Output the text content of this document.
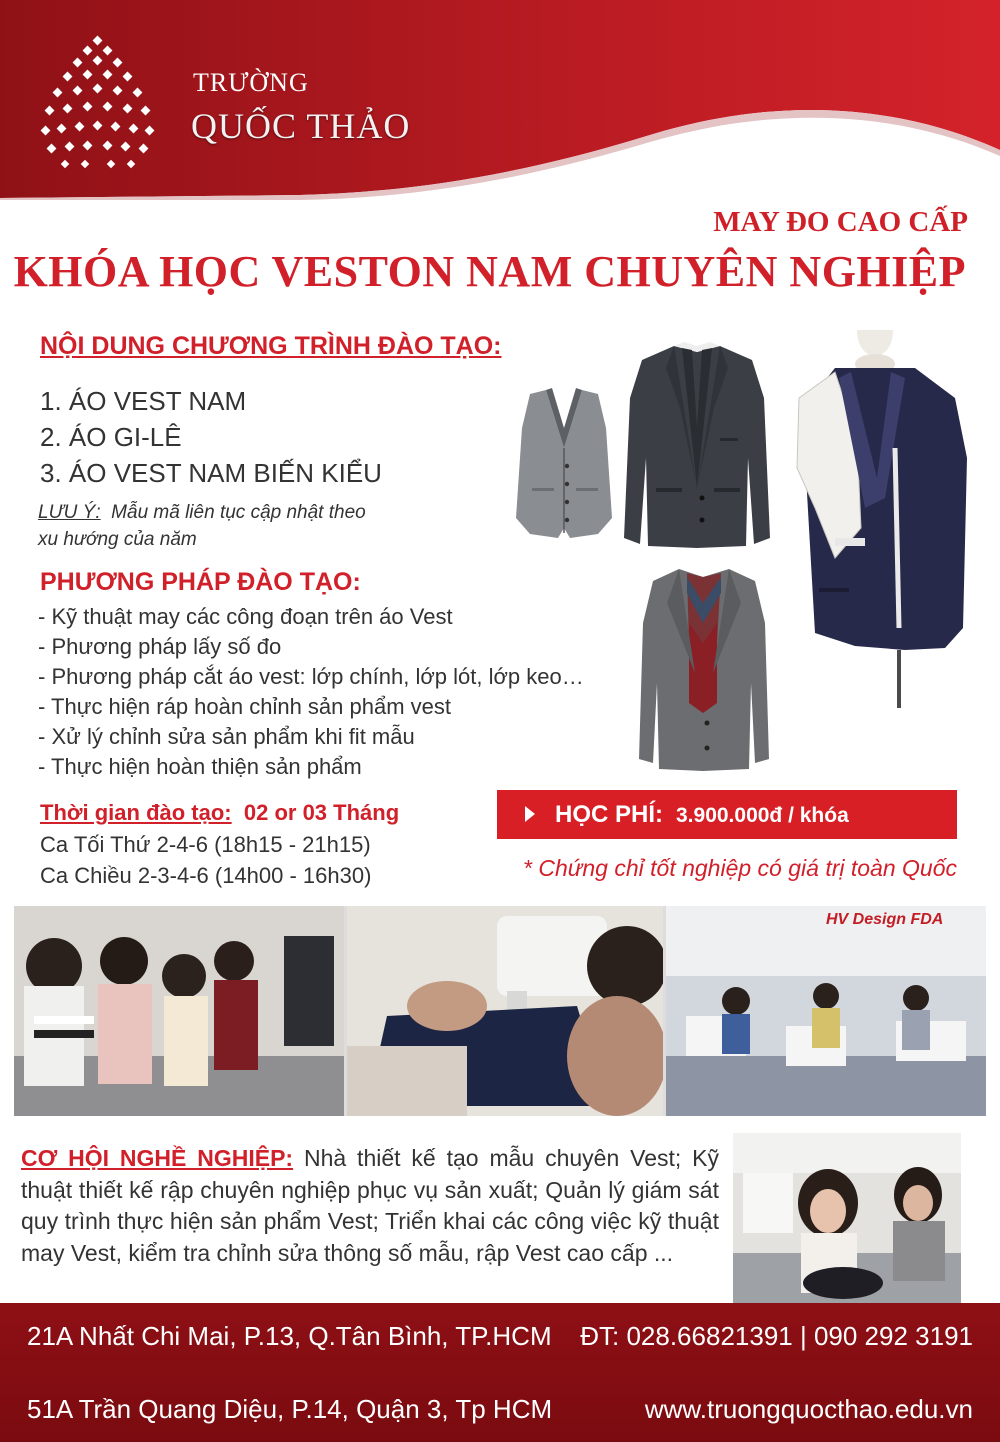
TRƯỜNG
QUỐC THẢO
MAY ĐO CAO CẤP
KHÓA HỌC VESTON NAM CHUYÊN NGHIỆP
NỘI DUNG CHƯƠNG TRÌNH ĐÀO TẠO:
1. ÁO VEST NAM
2. ÁO GI-LÊ
3. ÁO VEST NAM BIẾN KIỂU
LƯU Ý: Mẫu mã liên tục cập nhật theo
xu hướng của năm
PHƯƠNG PHÁP ĐÀO TẠO:
- Kỹ thuật may các công đoạn trên áo Vest
- Phương pháp lấy số đo
- Phương pháp cắt áo vest: lớp chính, lớp lót, lớp keo…
- Thực hiện ráp hoàn chỉnh sản phẩm vest
- Xử lý chỉnh sửa sản phẩm khi fit mẫu
- Thực hiện hoàn thiện sản phẩm
Thời gian đào tạo: 02 or 03 Tháng
Ca Tối Thứ 2-4-6 (18h15 - 21h15)
Ca Chiều 2-3-4-6 (14h00 - 16h30)
HỌC PHÍ: 3.900.000đ / khóa
* Chứng chỉ tốt nghiệp có giá trị toàn Quốc
HV Design FDA
CƠ HỘI NGHỀ NGHIỆP: Nhà thiết kế tạo mẫu chuyên Vest; Kỹ thuật thiết kế rập chuyên nghiệp phục vụ sản xuất; Quản lý giám sát quy trình thực hiện sản phẩm Vest; Triển khai các công việc kỹ thuật may Vest, kiểm tra chỉnh sửa thông số mẫu, rập Vest cao cấp ...
21A Nhất Chi Mai, P.13, Q.Tân Bình, TP.HCM
51A Trần Quang Diệu, P.14, Quận 3, Tp HCM
ĐT: 028.66821391 | 090 292 3191
www.truongquocthao.edu.vn
